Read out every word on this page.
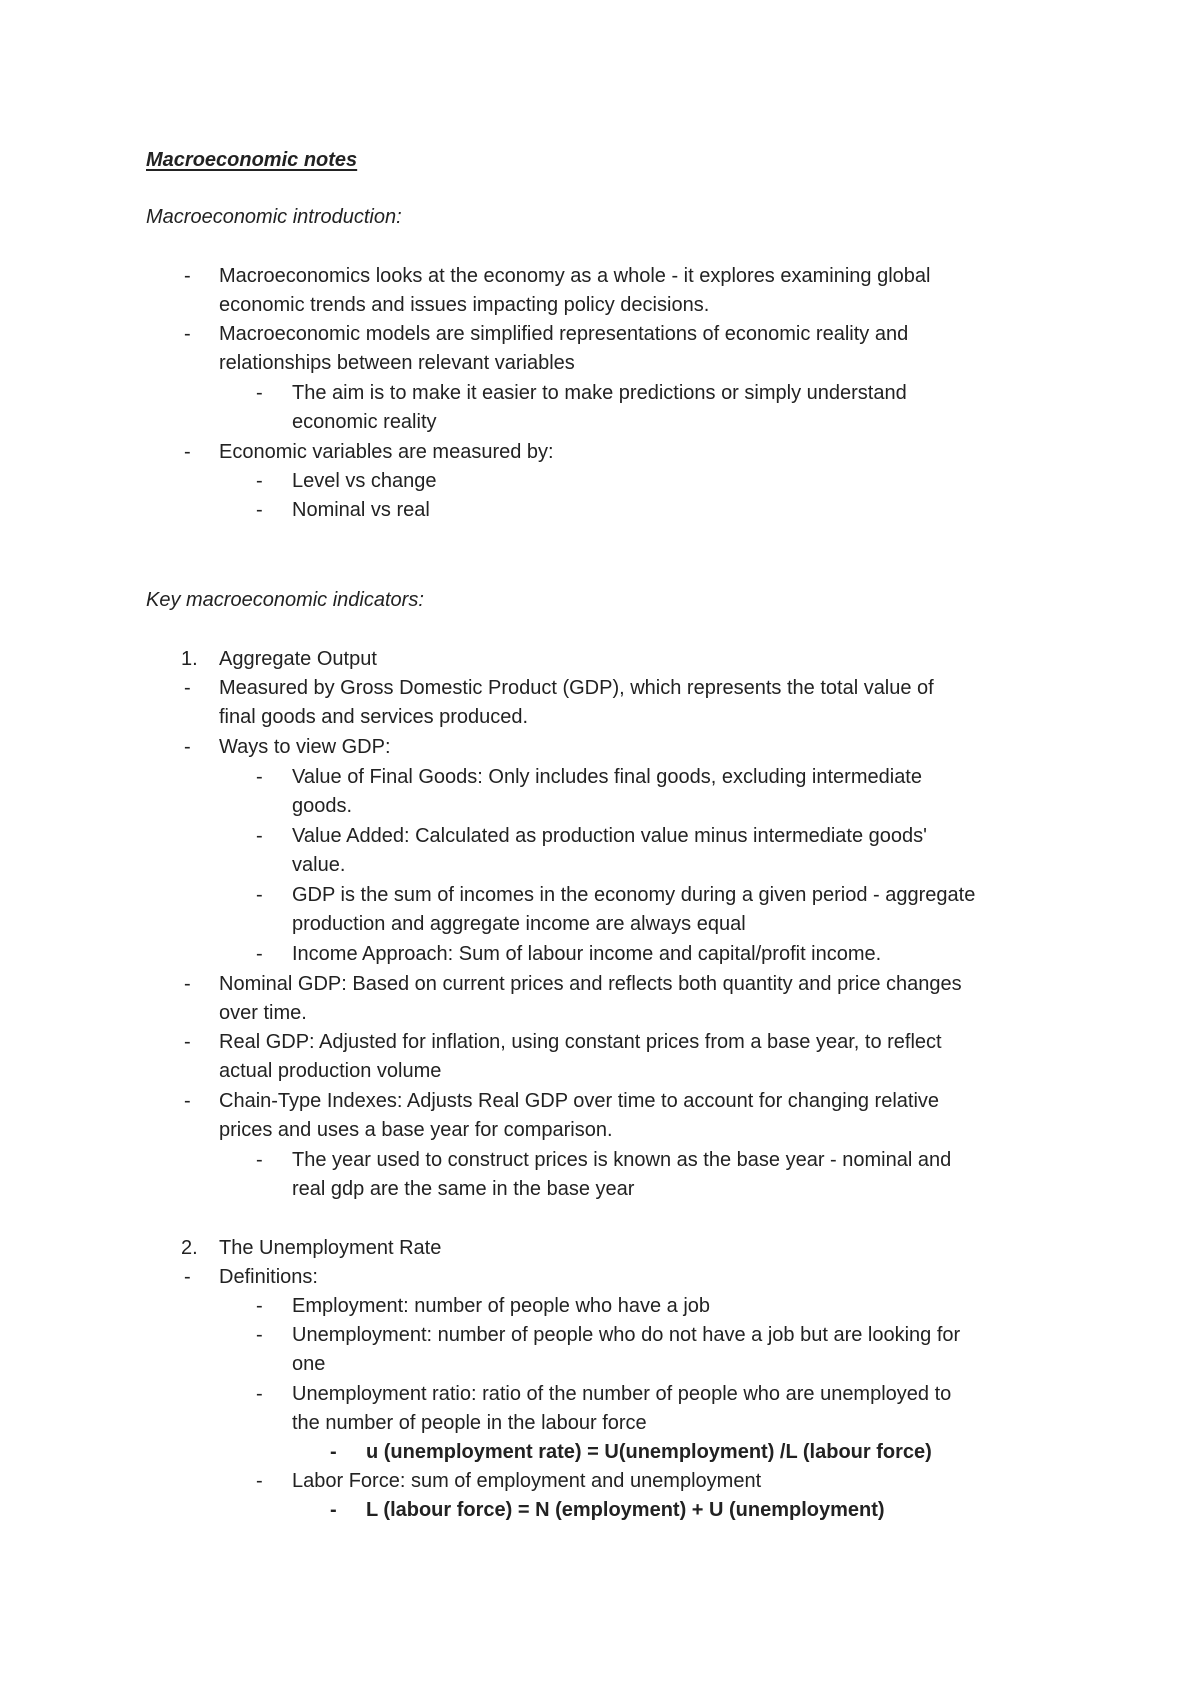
Macroeconomic notes
Macroeconomic introduction:
- Macroeconomics looks at the economy as a whole - it explores examining global
economic trends and issues impacting policy decisions.
- Macroeconomic models are simplified representations of economic reality and
relationships between relevant variables
- The aim is to make it easier to make predictions or simply understand
economic reality
- Economic variables are measured by:
- Level vs change
- Nominal vs real
Key macroeconomic indicators:
1. Aggregate Output
- Measured by Gross Domestic Product (GDP), which represents the total value of
final goods and services produced.
- Ways to view GDP:
- Value of Final Goods: Only includes final goods, excluding intermediate
goods.
- Value Added: Calculated as production value minus intermediate goods'
value.
- GDP is the sum of incomes in the economy during a given period - aggregate
production and aggregate income are always equal
- Income Approach: Sum of labour income and capital/profit income.
- Nominal GDP: Based on current prices and reflects both quantity and price changes
over time.
- Real GDP: Adjusted for inflation, using constant prices from a base year, to reflect
actual production volume
- Chain-Type Indexes: Adjusts Real GDP over time to account for changing relative
prices and uses a base year for comparison.
- The year used to construct prices is known as the base year - nominal and
real gdp are the same in the base year
2. The Unemployment Rate
- Definitions:
- Employment: number of people who have a job
- Unemployment: number of people who do not have a job but are looking for
one
- Unemployment ratio: ratio of the number of people who are unemployed to
the number of people in the labour force
- u (unemployment rate) = U(unemployment) /L (labour force)
- Labor Force: sum of employment and unemployment
- L (labour force) = N (employment) + U (unemployment)
